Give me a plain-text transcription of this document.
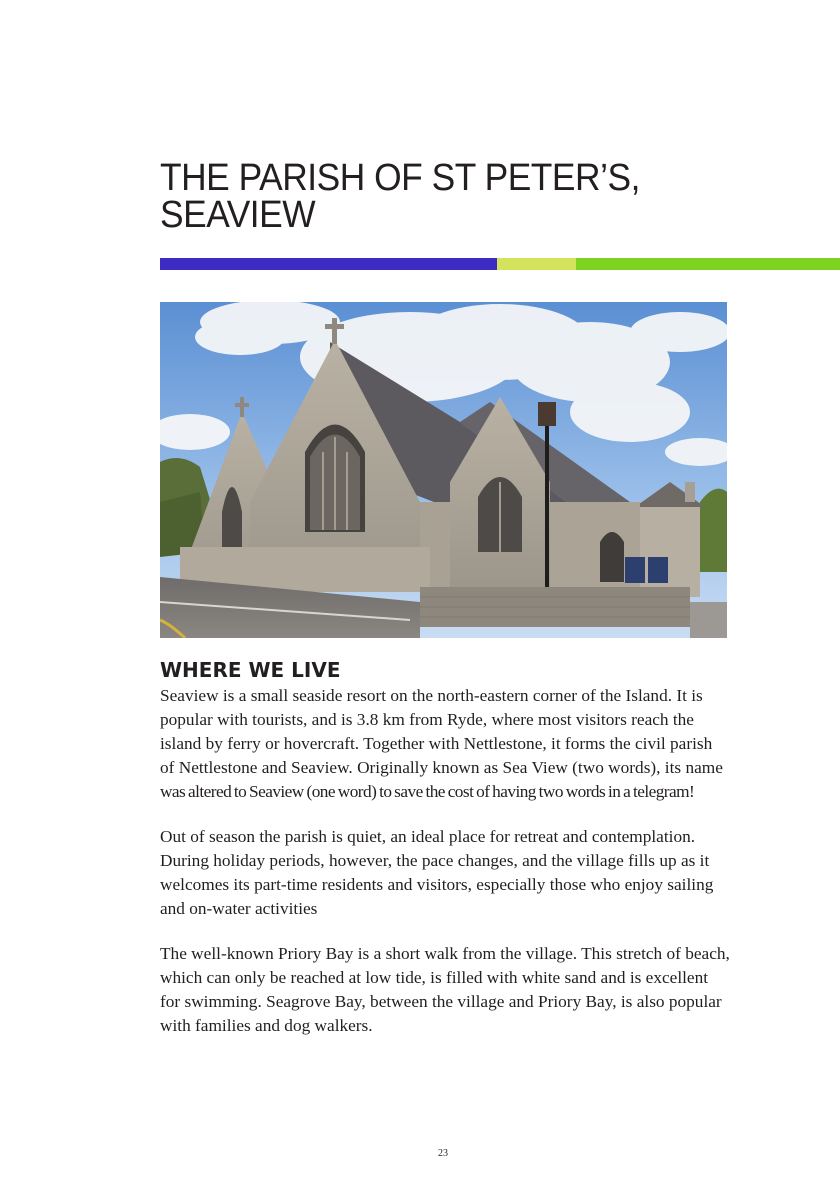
THE PARISH OF ST PETER’S,
SEAVIEW
WHERE WE LIVE

Seaview is a small seaside resort on the north-eastern corner of the Island. It is
popular with tourists, and is 3.8 km from Ryde, where most visitors reach the
island by ferry or hovercraft. Together with Nettlestone, it forms the civil parish
of Nettlestone and Seaview. Originally known as Sea View (two words), its name
was altered to Seaview (one word) to save the cost of having two words in a telegram!

Out of season the parish is quiet, an ideal place for retreat and contemplation. During holiday periods, however, the pace changes, and the village fills up as it welcomes its part-time residents and visitors, especially those who enjoy sailing and on-water activities

The well-known Priory Bay is a short walk from the village. This stretch of beach, which can only be reached at low tide, is filled with white sand and is excellent for swimming. Seagrove Bay, between the village and Priory Bay, is also popular with families and dog walkers.

23
